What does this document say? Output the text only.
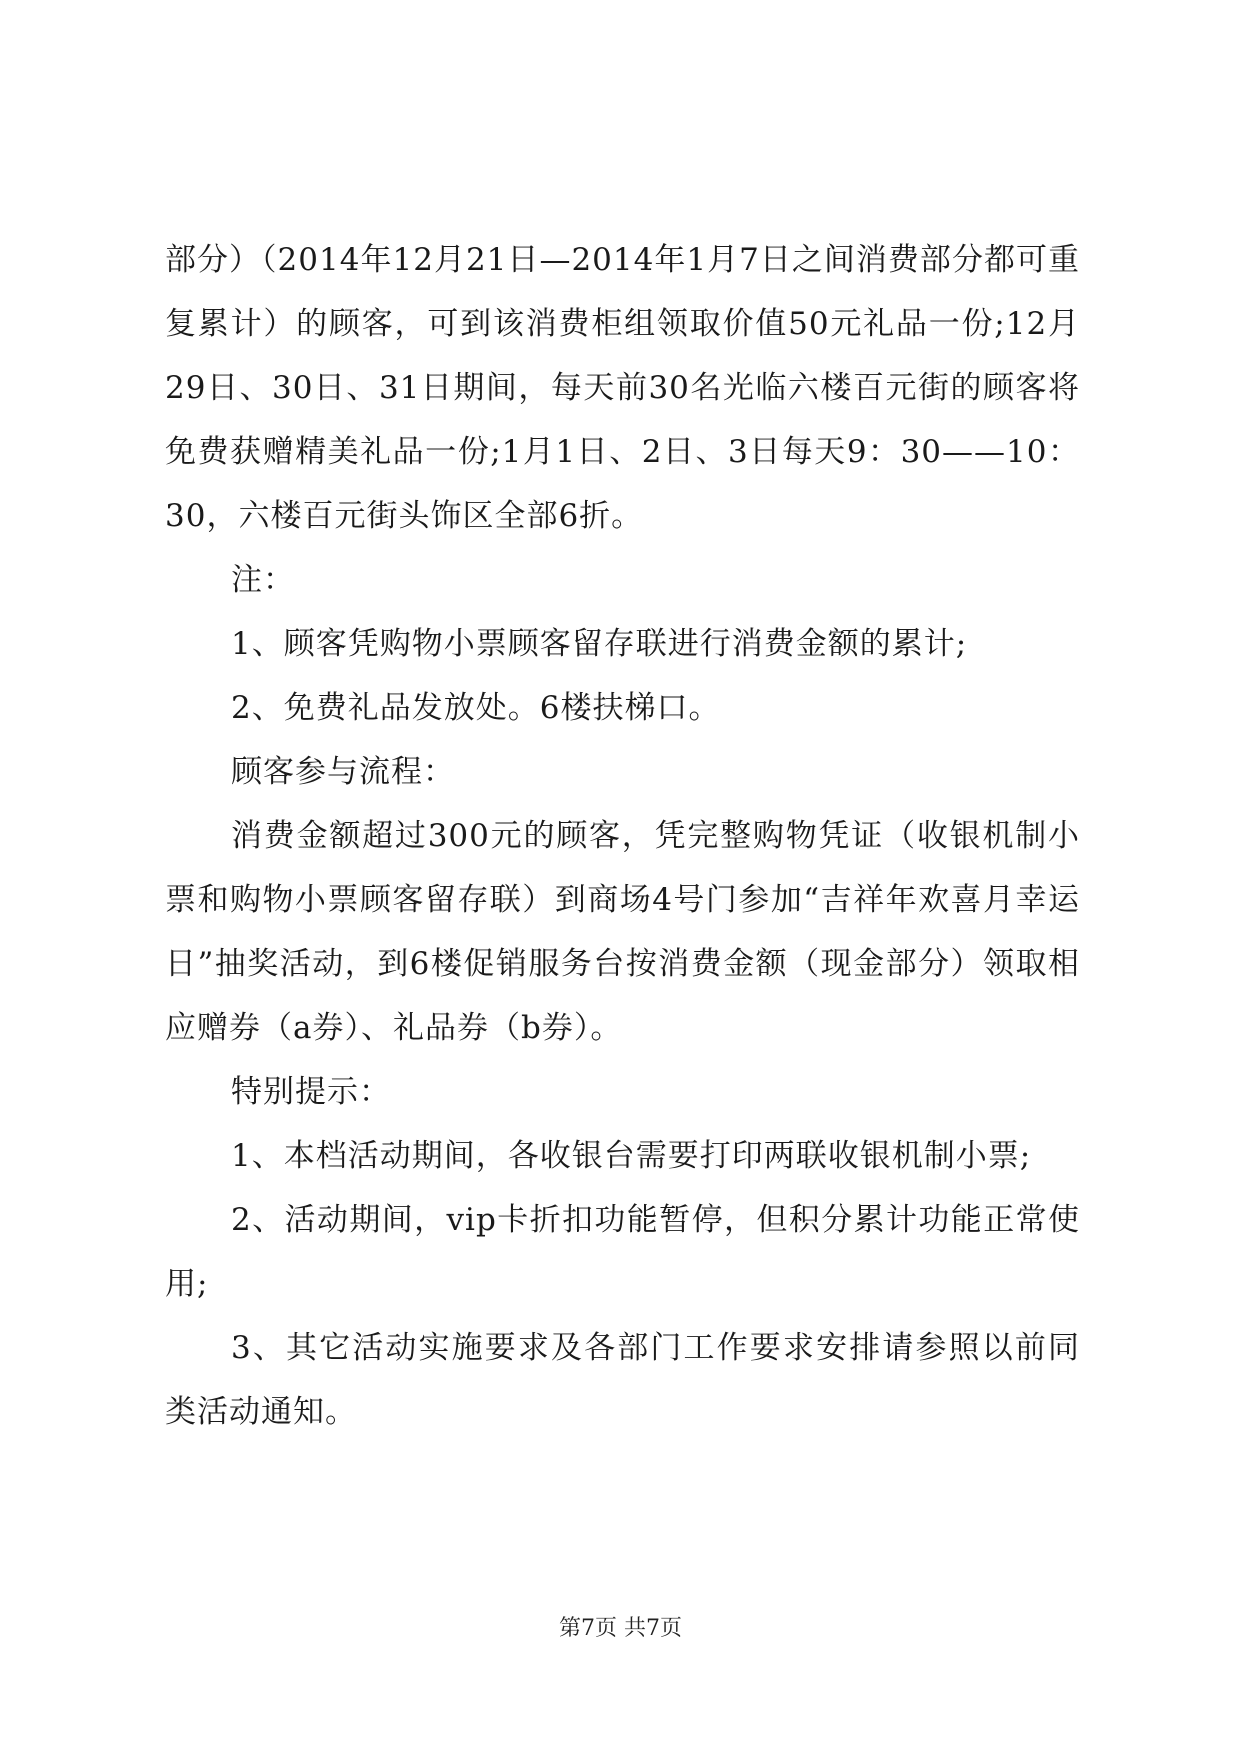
部分）（2014年12月21日—2014年1月7日之间消费部分都可重复累计）的顾客，可到该消费柜组领取价值50元礼品一份;12月29日、30日、31日期间，每天前30名光临六楼百元街的顾客将免费获赠精美礼品一份;1月1日、2日、3日每天9：30——10：30，六楼百元街头饰区全部6折。

注：

1、顾客凭购物小票顾客留存联进行消费金额的累计;

2、免费礼品发放处。6楼扶梯口。

顾客参与流程：

消费金额超过300元的顾客，凭完整购物凭证（收银机制小票和购物小票顾客留存联）到商场4号门参加“吉祥年欢喜月幸运日”抽奖活动，到6楼促销服务台按消费金额（现金部分）领取相应赠券（a券）、礼品券（b券）。

特别提示：

1、本档活动期间，各收银台需要打印两联收银机制小票;

2、活动期间，vip卡折扣功能暂停，但积分累计功能正常使用;

3、其它活动实施要求及各部门工作要求安排请参照以前同类活动通知。

第7页 共7页
